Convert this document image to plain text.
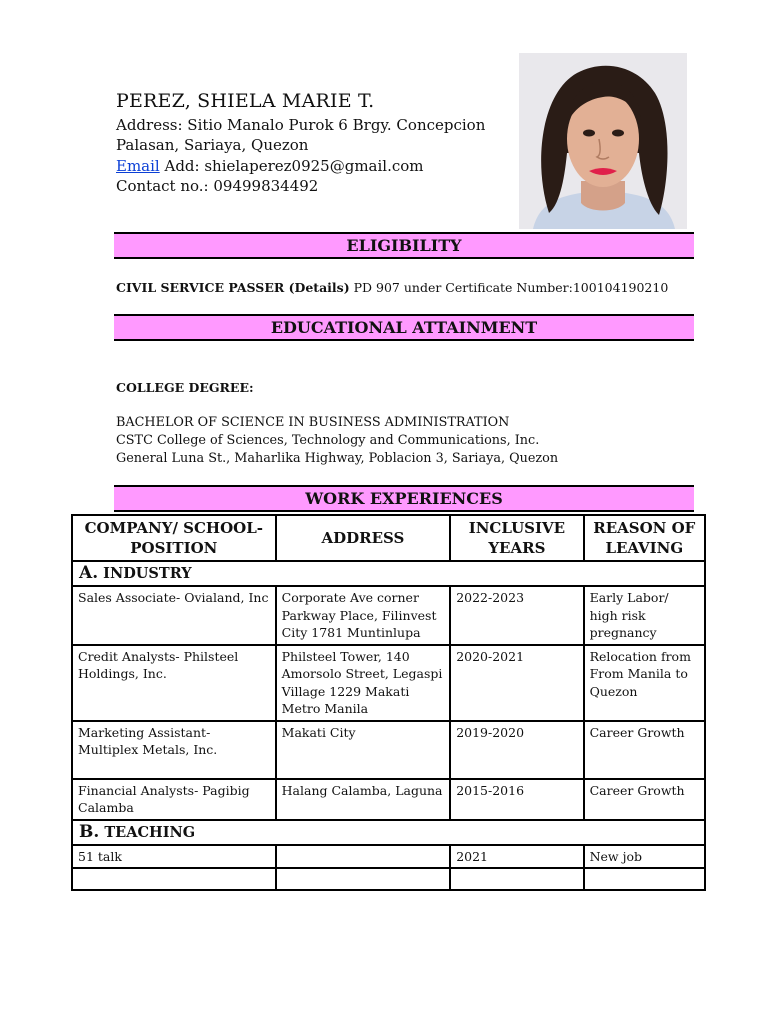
PEREZ, SHIELA MARIE T.
Address: Sitio Manalo Purok 6 Brgy. Concepcion
Palasan, Sariaya, Quezon
Email Add: shielaperez0925@gmail.com
Contact no.: 09499834492
ELIGIBILITY
CIVIL SERVICE PASSER (Details) PD 907 under Certificate Number:100104190210
EDUCATIONAL ATTAINMENT
COLLEGE DEGREE:
BACHELOR OF SCIENCE IN BUSINESS ADMINISTRATION
CSTC College of Sciences, Technology and Communications, Inc.
General Luna St., Maharlika Highway, Poblacion 3, Sariaya, Quezon
WORK EXPERIENCES
COMPANY/ SCHOOL-POSITION	ADDRESS	INCLUSIVE YEARS	REASON OF LEAVING
A. INDUSTRY			
Sales Associate- Ovialand, Inc	Corporate Ave corner Parkway Place, Filinvest City 1781 Muntinlupa	2022-2023	Early Labor/ high risk pregnancy
Credit Analysts- Philsteel Holdings, Inc.	Philsteel Tower, 140 Amorsolo Street, Legaspi Village 1229 Makati Metro Manila	2020-2021	Relocation from From Manila to Quezon
Marketing Assistant- Multiplex Metals, Inc.	Makati City	2019-2020	Career Growth
Financial Analysts- Pagibig Calamba	Halang Calamba, Laguna	2015-2016	Career Growth
B. TEACHING			
51 talk		2021	New job
